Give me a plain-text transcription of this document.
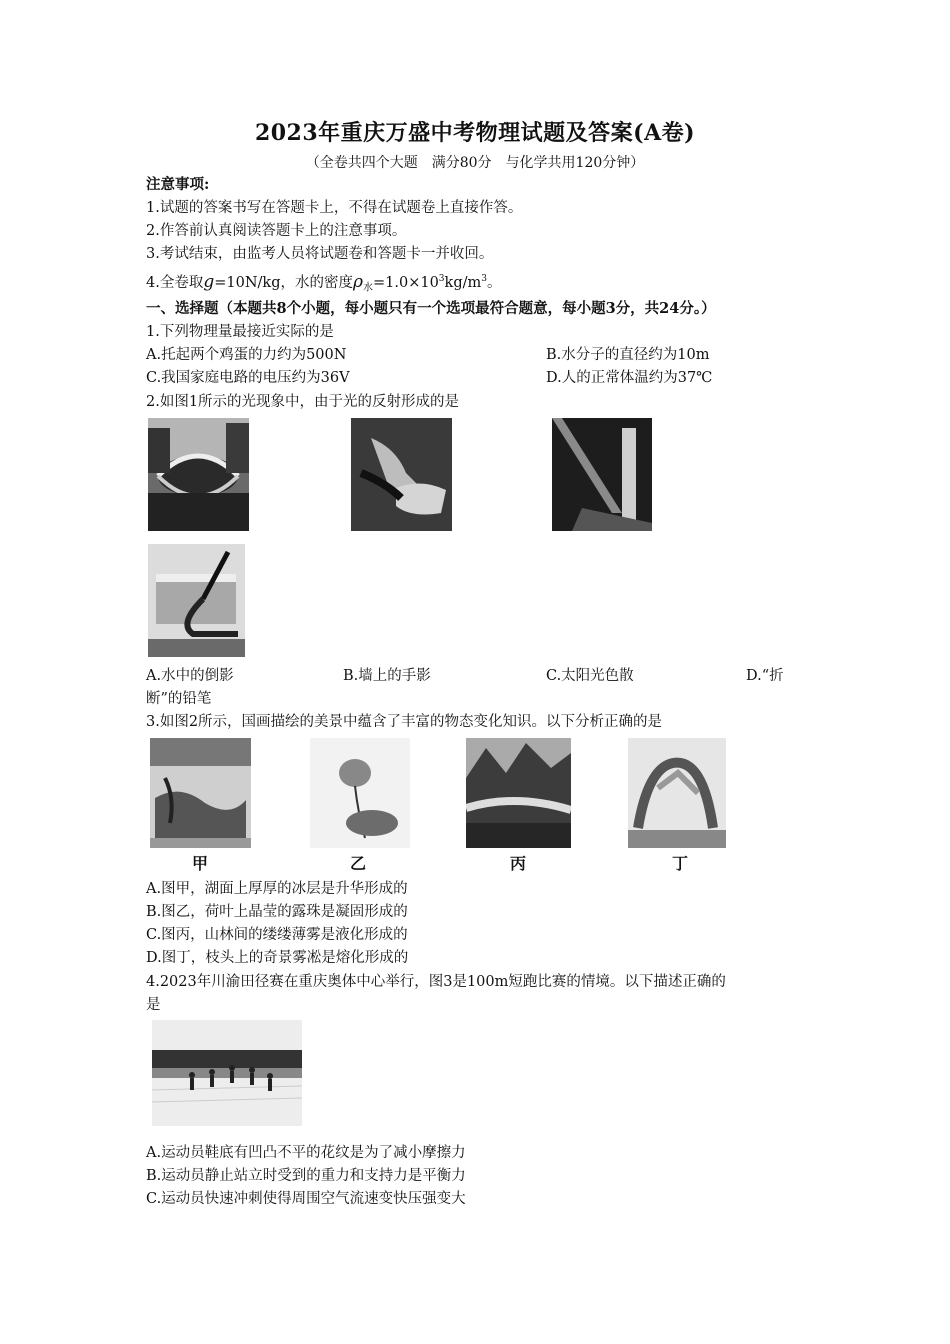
2023年重庆万盛中考物理试题及答案(A卷)
（全卷共四个大题　满分80分　与化学共用120分钟）
注意事项:
1.试题的答案书写在答题卡上，不得在试题卷上直接作答。
2.作答前认真阅读答题卡上的注意事项。
3.考试结束，由监考人员将试题卷和答题卡一并收回。
4.全卷取g=10N/kg，水的密度$\rho_水=1.0\times 10^3kg/m^3$。
一、选择题（本题共8个小题，每小题只有一个选项最符合题意，每小题3分，共24分。）
1.下列物理量最接近实际的是
A.托起两个鸡蛋的力约为500N	B.水分子的直径约为10m
C.我国家庭电路的电压约为36V	D.人的正常体温约为37℃
2.如图1所示的光现象中，由于光的反射形成的是
A.水中的倒影	B.墙上的手影	C.太阳光色散	D.“折
断”的铅笔
3.如图2所示，国画描绘的美景中蕴含了丰富的物态变化知识。以下分析正确的是
甲	乙	丙	丁
A.图甲，湖面上厚厚的冰层是升华形成的
B.图乙，荷叶上晶莹的露珠是凝固形成的
C.图丙，山林间的缕缕薄雾是液化形成的
D.图丁，枝头上的奇景雾凇是熔化形成的
4.2023年川渝田径赛在重庆奥体中心举行，图3是100m短跑比赛的情境。以下描述正确的
是
A.运动员鞋底有凹凸不平的花纹是为了减小摩擦力
B.运动员静止站立时受到的重力和支持力是平衡力
C.运动员快速冲刺使得周围空气流速变快压强变大
